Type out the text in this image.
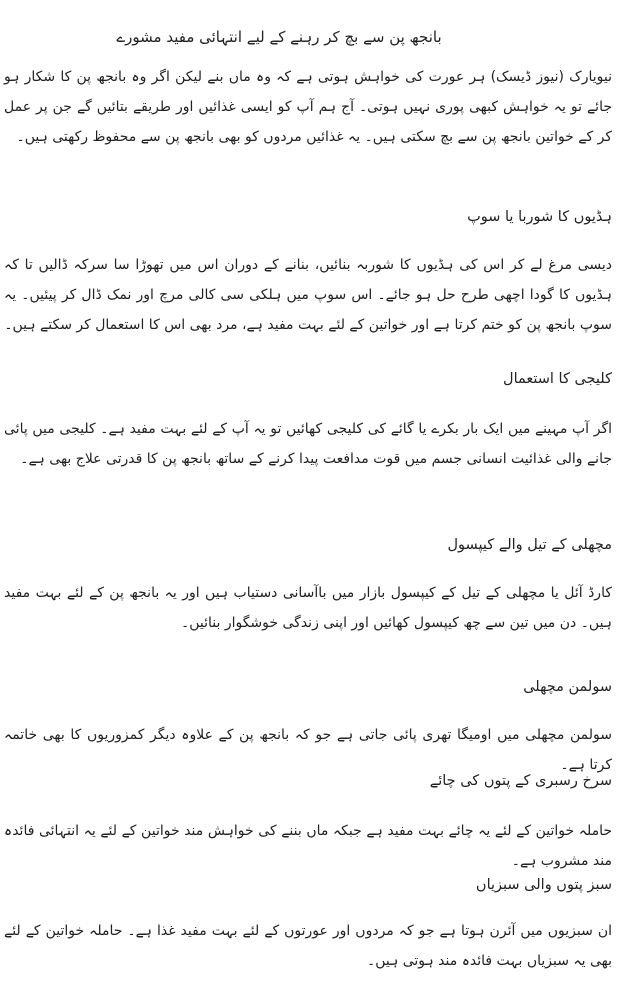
بانجھ پن سے بچ کر رہنے کے لیے انتہائی مفید مشورے

نیویارک (نیوز ڈیسک) ہر عورت کی خواہش ہوتی ہے کہ وہ ماں بنے لیکن اگر وہ بانجھ پن کا شکار ہو جائے تو یہ خواہش کبھی پوری نہیں ہوتی۔ آج ہم آپ کو ایسی غذائیں اور طریقے بتائیں گے جن پر عمل کر کے خواتین بانجھ پن سے بچ سکتی ہیں۔ یہ غذائیں مردوں کو بھی بانجھ پن سے محفوظ رکھتی ہیں۔

ہڈیوں کا شوربا یا سوپ

دیسی مرغ لے کر اس کی ہڈیوں کا شوربہ بنائیں، بنانے کے دوران اس میں تھوڑا سا سرکہ ڈالیں تا کہ ہڈیوں کا گودا اچھی طرح حل ہو جائے۔ اس سوپ میں ہلکی سی کالی مرچ اور نمک ڈال کر پیئیں۔ یہ سوپ بانجھ پن کو ختم کرتا ہے اور خواتین کے لئے بہت مفید ہے، مرد بھی اس کا استعمال کر سکتے ہیں۔

کلیجی کا استعمال

اگر آپ مہینے میں ایک بار بکرے یا گائے کی کلیجی کھائیں تو یہ آپ کے لئے بہت مفید ہے۔ کلیجی میں پائی جانے والی غذائیت انسانی جسم میں قوت مدافعت پیدا کرنے کے ساتھ بانجھ پن کا قدرتی علاج بھی ہے۔

مچھلی کے تیل والے کیپسول

کارڈ آئل یا مچھلی کے تیل کے کیپسول بازار میں باآسانی دستیاب ہیں اور یہ بانجھ پن کے لئے بہت مفید ہیں۔ دن میں تین سے چھ کیپسول کھائیں اور اپنی زندگی خوشگوار بنائیں۔

سولمن مچھلی

سولمن مچھلی میں اومیگا تھری پائی جاتی ہے جو کہ بانجھ پن کے علاوہ دیگر کمزوریوں کا بھی خاتمہ کرتا ہے۔

سرخ رسبری کے پتوں کی چائے

حاملہ خواتین کے لئے یہ چائے بہت مفید ہے جبکہ ماں بننے کی خواہش مند خواتین کے لئے یہ انتہائی فائدہ مند مشروب ہے۔

سبز پتوں والی سبزیاں

ان سبزیوں میں آئرن ہوتا ہے جو کہ مردوں اور عورتوں کے لئے بہت مفید غذا ہے۔ حاملہ خواتین کے لئے بھی یہ سبزیاں بہت فائدہ مند ہوتی ہیں۔
